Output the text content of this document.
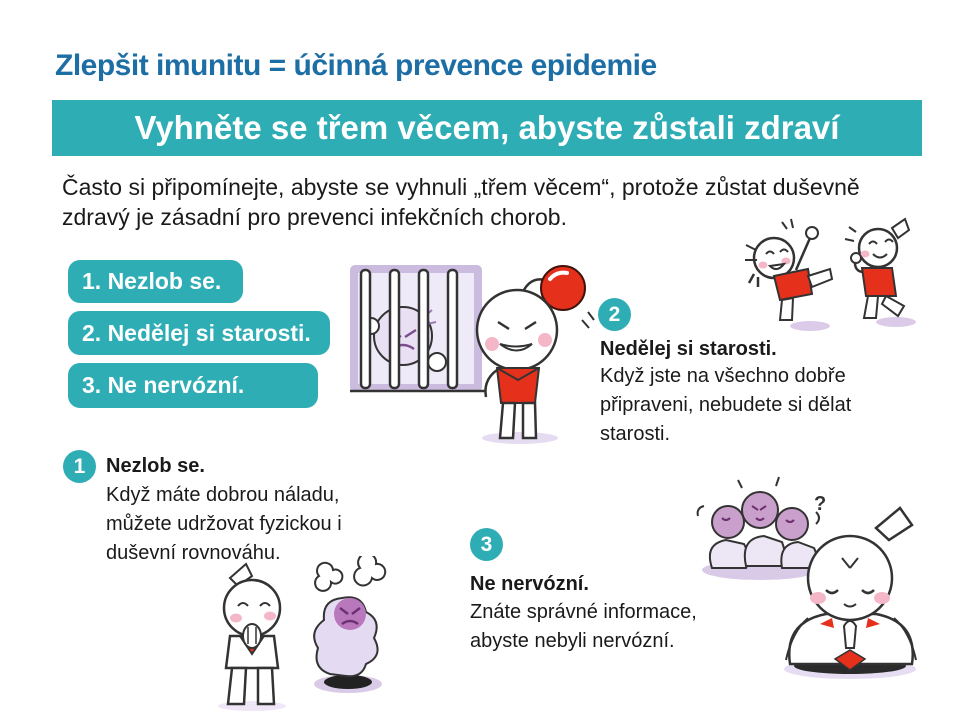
Zlepšit imunitu = účinná prevence epidemie
Vyhněte se třem věcem, abyste zůstali zdraví
Často si připomínejte, abyste se vyhnuli „třem věcem“, protože zůstat duševně
zdravý je zásadní pro prevenci infekčních chorob.
1. Nezlob se.
2. Nedělej si starosti.
3. Ne nervózní.
1	Nezlob se.
Když máte dobrou náladu,
můžete udržovat fyzickou i
duševní rovnováhu.
2
Nedělej si starosti.
Když jste na všechno dobře
připraveni, nebudete si dělat
starosti.
3
Ne nervózní.
Znáte správné informace,
abyste nebyli nervózní.
?
